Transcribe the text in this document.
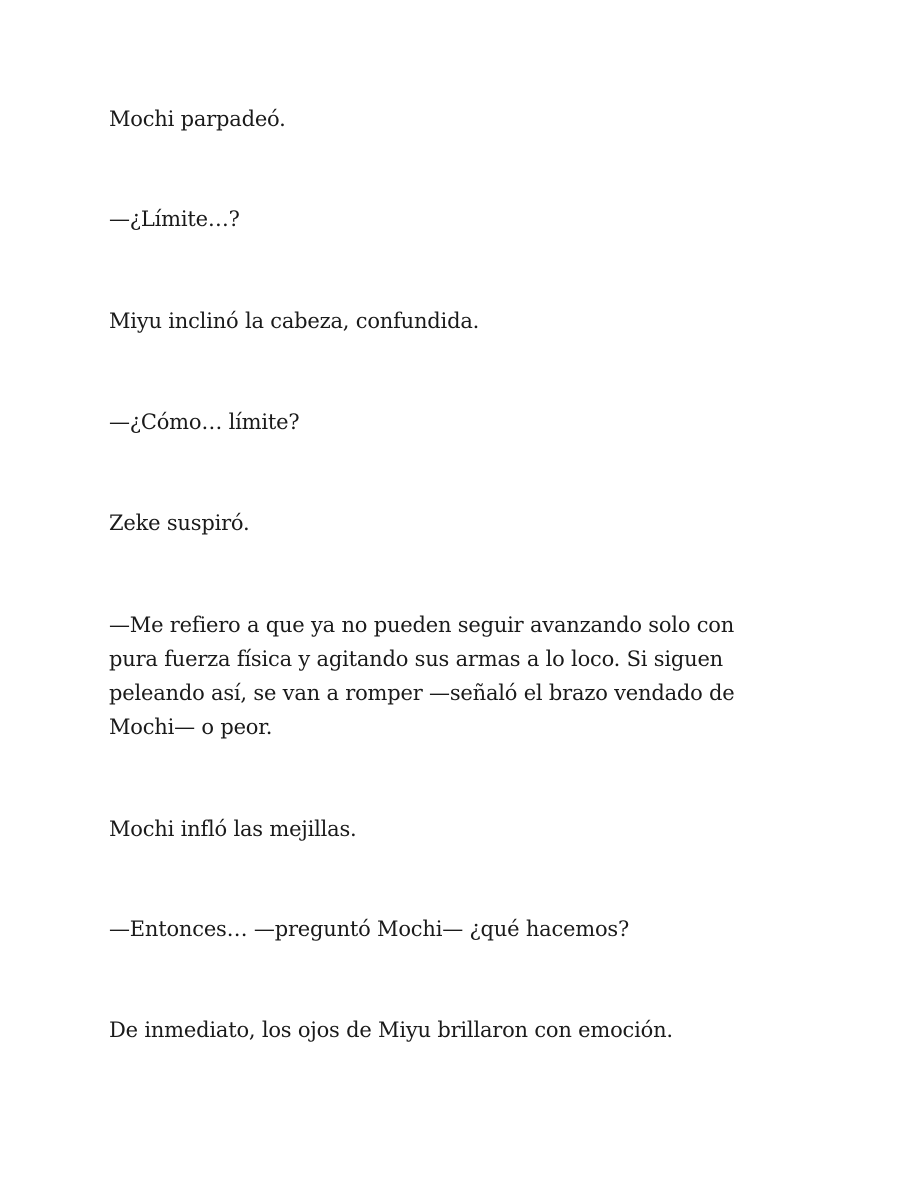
Mochi parpadeó.

—¿Límite…?

Miyu inclinó la cabeza, confundida.

—¿Cómo… límite?

Zeke suspiró.

—Me refiero a que ya no pueden seguir avanzando solo con
pura fuerza física y agitando sus armas a lo loco. Si siguen
peleando así, se van a romper —señaló el brazo vendado de
Mochi— o peor.

Mochi infló las mejillas.

—Entonces… —preguntó Mochi— ¿qué hacemos?

De inmediato, los ojos de Miyu brillaron con emoción.
